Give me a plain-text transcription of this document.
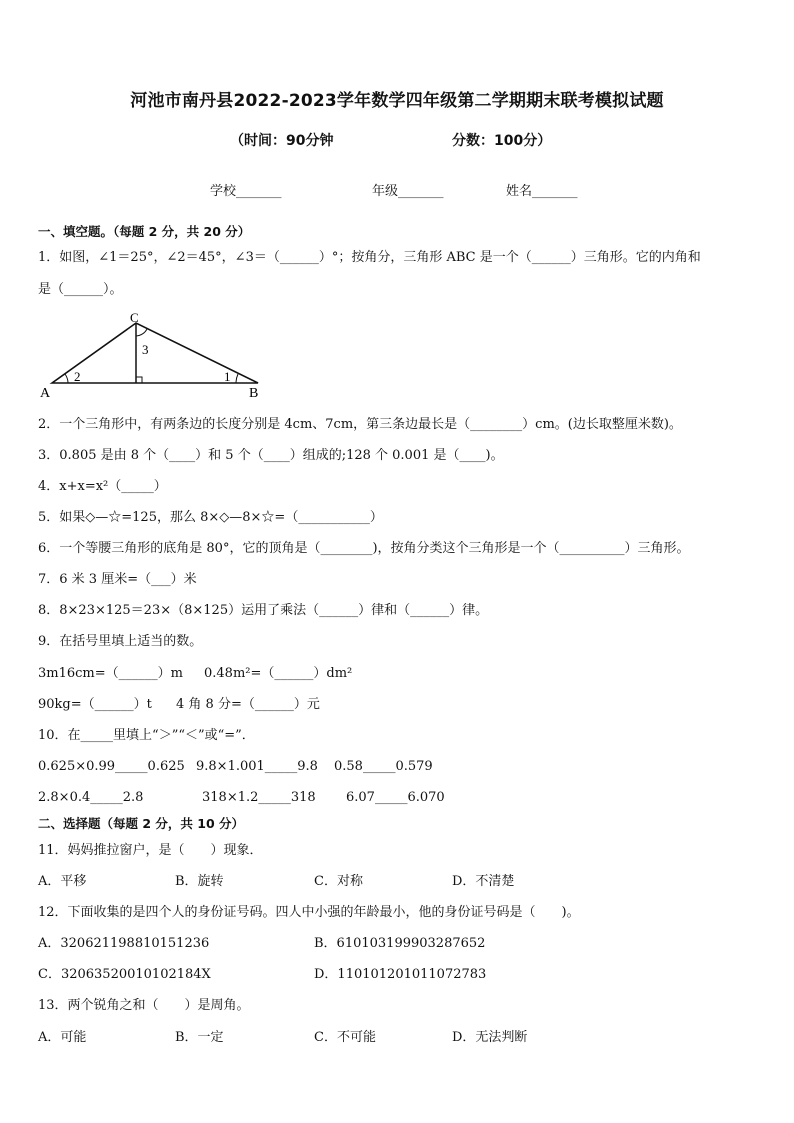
河池市南丹县2022-2023学年数学四年级第二学期期末联考模拟试题
（时间：90分钟	分数：100分）
学校_______	年级_______	姓名_______
一、填空题。（每题 2 分，共 20 分）
1．如图，∠1＝25°，∠2＝45°，∠3＝（______）°；按角分，三角形 ABC 是一个（______）三角形。它的内角和
是（______）。
A	B
C
2	1
3
2．一个三角形中，有两条边的长度分别是 4cm、7cm，第三条边最长是（________）cm。(边长取整厘米数)。
3．0.805 是由 8 个（____）和 5 个（____）组成的;128 个 0.001 是（____)。
4．x+x=x²（_____）
5．如果◇—☆=125，那么 8×◇—8×☆=（___________）
6．一个等腰三角形的底角是 80°，它的顶角是（________)，按角分类这个三角形是一个（__________）三角形。
7．6 米 3 厘米=（___）米
8．8×23×125＝23×（8×125）运用了乘法（______）律和（______）律。
9．在括号里填上适当的数。
3m16cm=（______）m 0.48m²=（______）dm²
90kg=（______）t 4 角 8 分=（______）元
10．在_____里填上“＞”“＜”或“=”．
0.625×0.99_____0.625 9.8×1.001_____9.8 0.58_____0.579
2.8×0.4_____2.8	318×1.2_____318 6.07_____6.070
二、选择题（每题 2 分，共 10 分）
11．妈妈推拉窗户，是（　　）现象．
A．平移	B．旋转	C．对称	D．不清楚
12．下面收集的是四个人的身份证号码。四人中小强的年龄最小，他的身份证号码是（　　)。
A．320621198810151236	B．610103199903287652
C．32063520010102184X	D．110101201011072783
13．两个锐角之和（　　）是周角。
A．可能	B．一定	C．不可能	D．无法判断
